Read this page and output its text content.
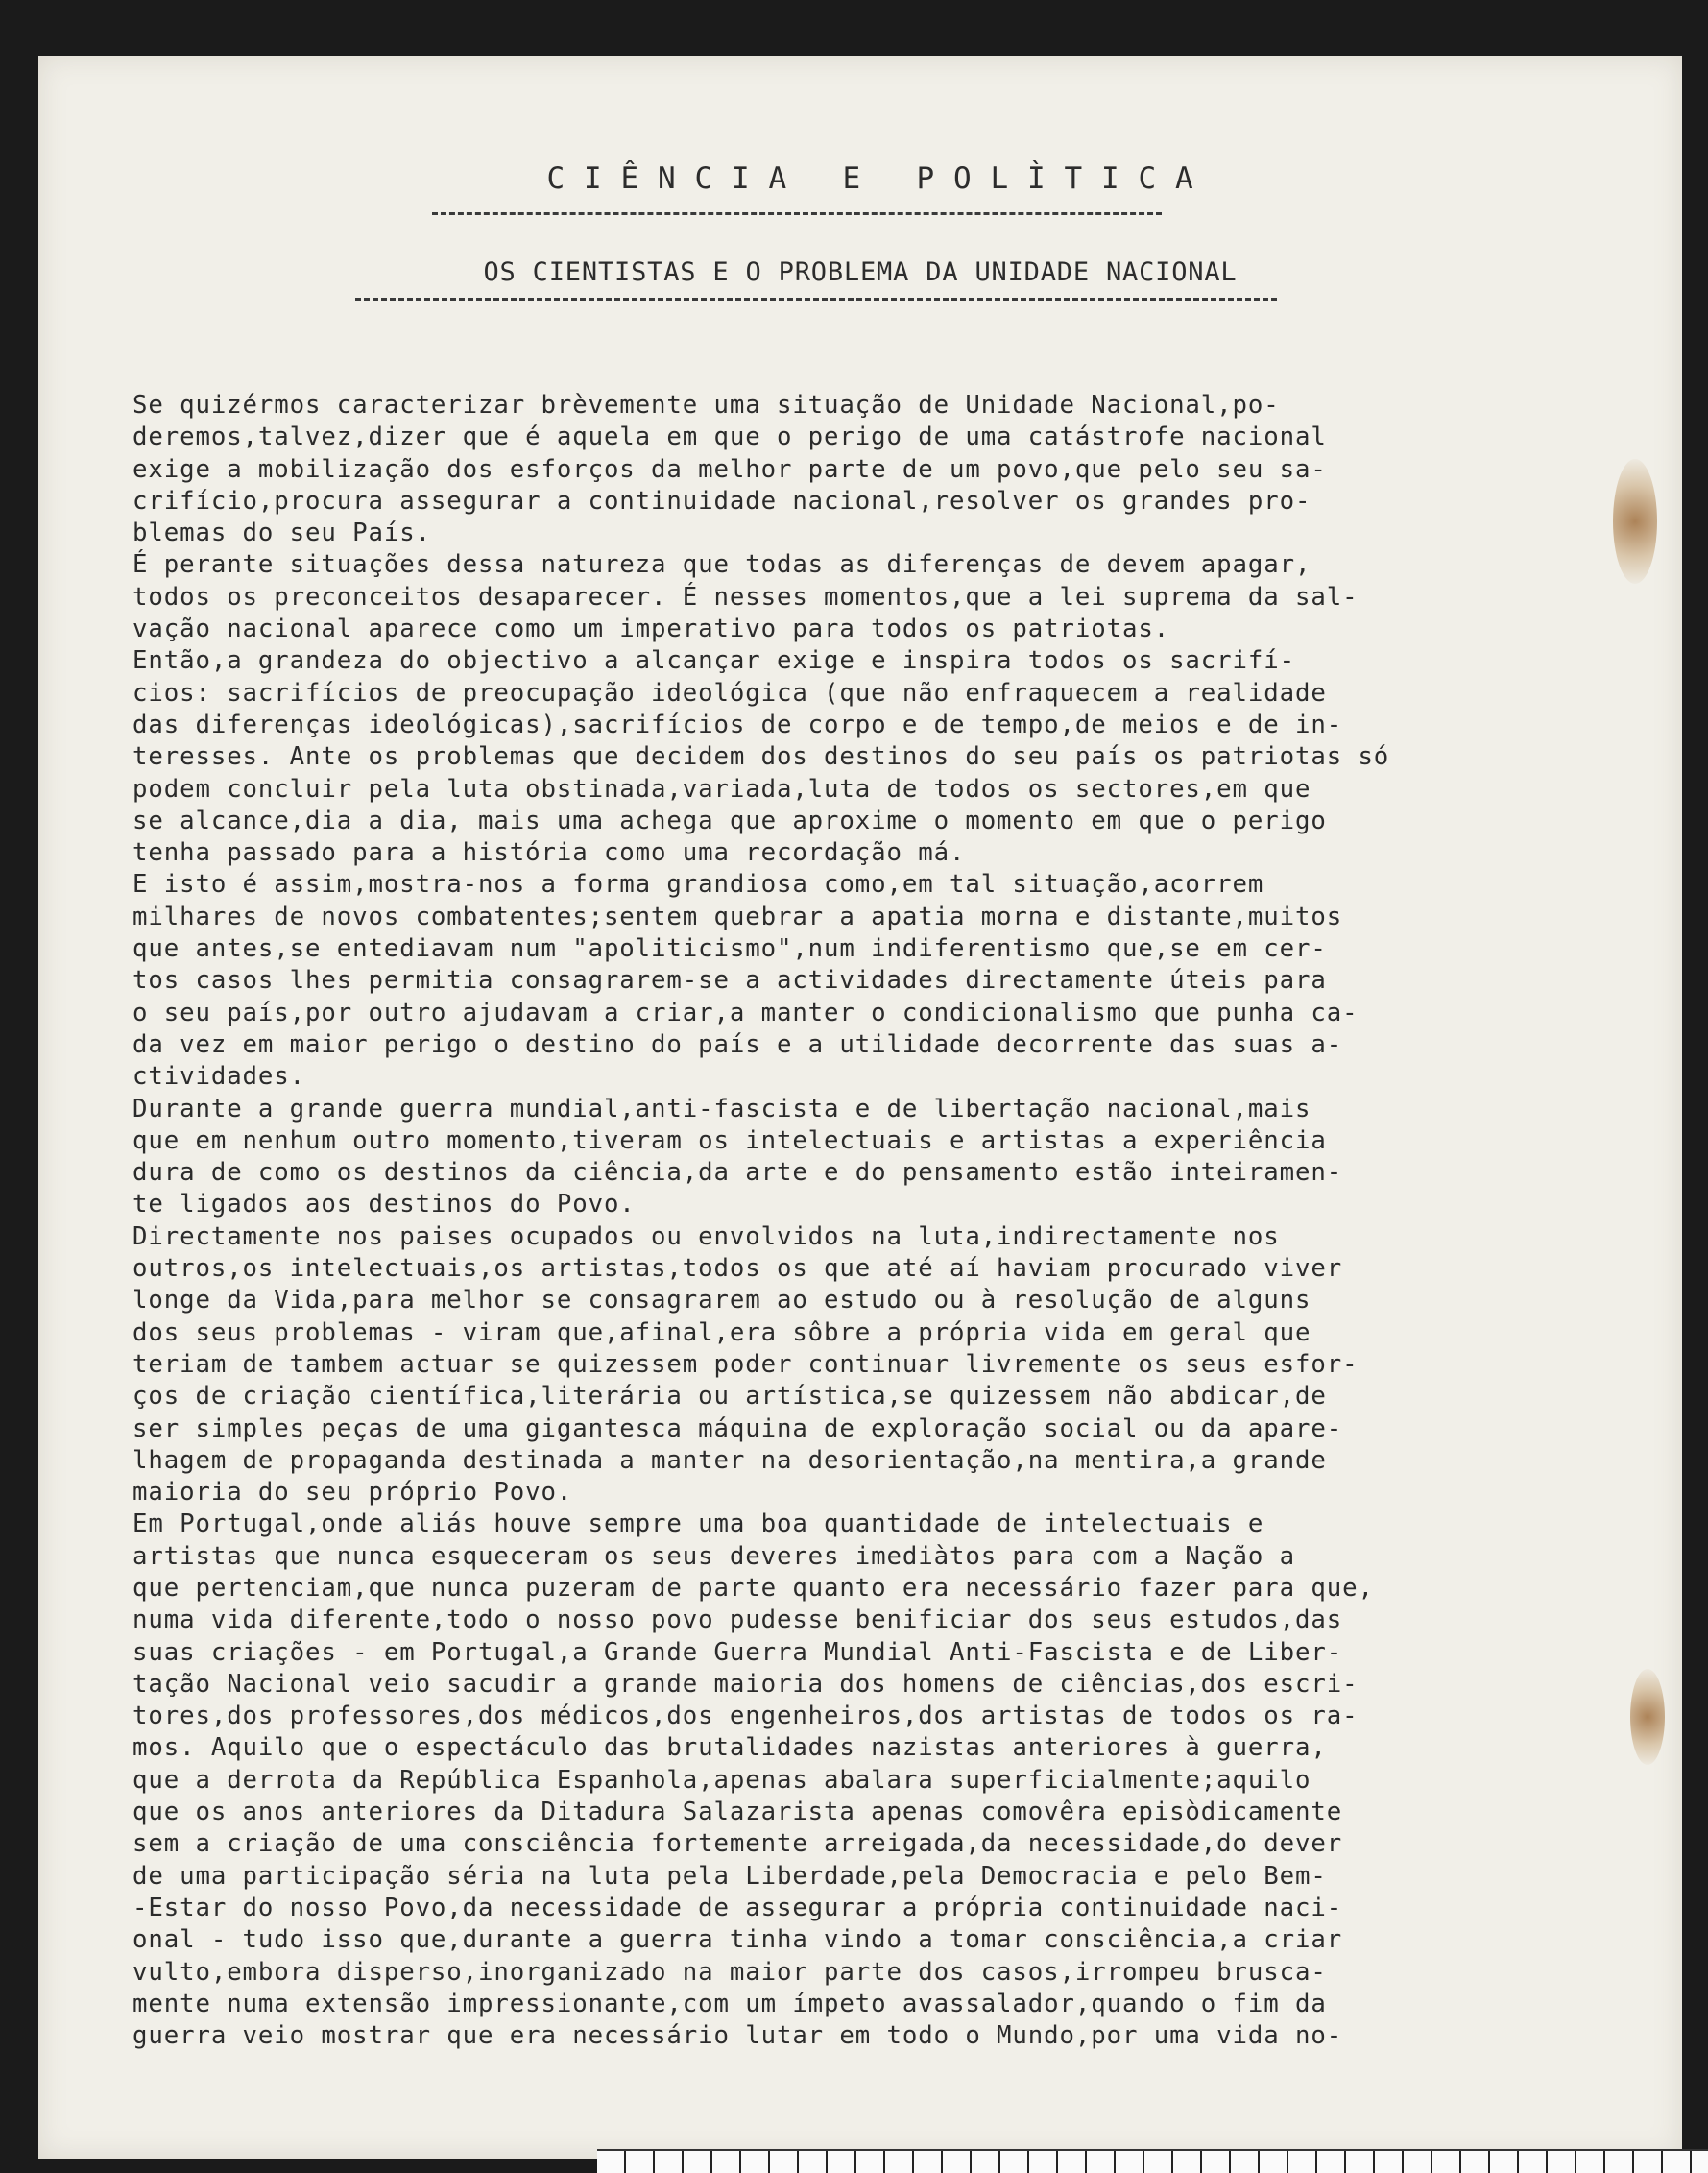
CIÊNCIA E POLÌTICA
OS CIENTISTAS E O PROBLEMA DA UNIDADE NACIONAL
Se quizérmos caracterizar brèvemente uma situação de Unidade Nacional,po-
deremos,talvez,dizer que é aquela em que o perigo de uma catástrofe nacional
exige a mobilização dos esforços da melhor parte de um povo,que pelo seu sa-
crifício,procura assegurar a continuidade nacional,resolver os grandes pro-
blemas do seu País.
É perante situações dessa natureza que todas as diferenças de devem apagar,
todos os preconceitos desaparecer. É nesses momentos,que a lei suprema da sal-
vação nacional aparece como um imperativo para todos os patriotas.
Então,a grandeza do objectivo a alcançar exige e inspira todos os sacrifí-
cios: sacrifícios de preocupação ideológica (que não enfraquecem a realidade
das diferenças ideológicas),sacrifícios de corpo e de tempo,de meios e de in-
teresses. Ante os problemas que decidem dos destinos do seu país os patriotas só
podem concluir pela luta obstinada,variada,luta de todos os sectores,em que
se alcance,dia a dia, mais uma achega que aproxime o momento em que o perigo
tenha passado para a história como uma recordação má.
E isto é assim,mostra-nos a forma grandiosa como,em tal situação,acorrem
milhares de novos combatentes;sentem quebrar a apatia morna e distante,muitos
que antes,se entediavam num "apoliticismo",num indiferentismo que,se em cer-
tos casos lhes permitia consagrarem-se a actividades directamente úteis para
o seu país,por outro ajudavam a criar,a manter o condicionalismo que punha ca-
da vez em maior perigo o destino do país e a utilidade decorrente das suas a-
ctividades.
Durante a grande guerra mundial,anti-fascista e de libertação nacional,mais
que em nenhum outro momento,tiveram os intelectuais e artistas a experiência
dura de como os destinos da ciência,da arte e do pensamento estão inteiramen-
te ligados aos destinos do Povo.
Directamente nos paises ocupados ou envolvidos na luta,indirectamente nos
outros,os intelectuais,os artistas,todos os que até aí haviam procurado viver
longe da Vida,para melhor se consagrarem ao estudo ou à resolução de alguns
dos seus problemas - viram que,afinal,era sôbre a própria vida em geral que
teriam de tambem actuar se quizessem poder continuar livremente os seus esfor-
ços de criação científica,literária ou artística,se quizessem não abdicar,de
ser simples peças de uma gigantesca máquina de exploração social ou da apare-
lhagem de propaganda destinada a manter na desorientação,na mentira,a grande
maioria do seu próprio Povo.
Em Portugal,onde aliás houve sempre uma boa quantidade de intelectuais e
artistas que nunca esqueceram os seus deveres imediàtos para com a Nação a
que pertenciam,que nunca puzeram de parte quanto era necessário fazer para que,
numa vida diferente,todo o nosso povo pudesse benificiar dos seus estudos,das
suas criações - em Portugal,a Grande Guerra Mundial Anti-Fascista e de Liber-
tação Nacional veio sacudir a grande maioria dos homens de ciências,dos escri-
tores,dos professores,dos médicos,dos engenheiros,dos artistas de todos os ra-
mos. Aquilo que o espectáculo das brutalidades nazistas anteriores à guerra,
que a derrota da República Espanhola,apenas abalara superficialmente;aquilo
que os anos anteriores da Ditadura Salazarista apenas comovêra episòdicamente
sem a criação de uma consciência fortemente arreigada,da necessidade,do dever
de uma participação séria na luta pela Liberdade,pela Democracia e pelo Bem-
-Estar do nosso Povo,da necessidade de assegurar a própria continuidade naci-
onal - tudo isso que,durante a guerra tinha vindo a tomar consciência,a criar
vulto,embora disperso,inorganizado na maior parte dos casos,irrompeu brusca-
mente numa extensão impressionante,com um ímpeto avassalador,quando o fim da
guerra veio mostrar que era necessário lutar em todo o Mundo,por uma vida no-
